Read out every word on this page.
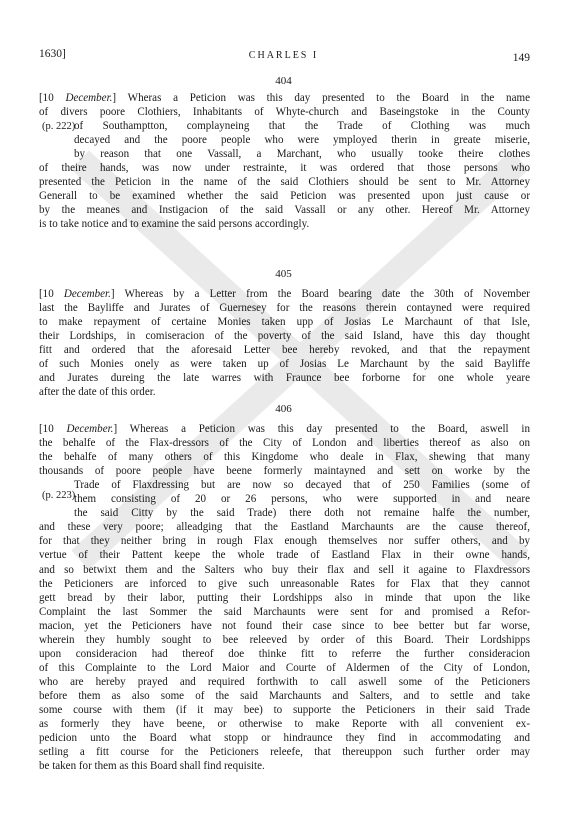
1630]	CHARLES I	149
404
(p. 222)
[10 December.] Wheras a Peticion was this day presented to the Board in the name
of divers poore Clothiers, Inhabitants of Whyte-church and Baseingstoke in the County
of Southamptton, complayneing that the Trade of Clothing was much
decayed and the poore people who were ymployed therin in greate miserie,
by reason that one Vassall, a Marchant, who usually tooke theire clothes
of theire hands, was now under restrainte, it was ordered that those persons who
presented the Peticion in the name of the said Clothiers should be sent to Mr. Attorney
Generall to be examined whether the said Peticion was presented upon just cause or
by the meanes and Instigacion of the said Vassall or any other. Hereof Mr. Attorney
is to take notice and to examine the said persons accordingly.
405
[10 December.] Whereas by a Letter from the Board bearing date the 30th of November
last the Bayliffe and Jurates of Guernesey for the reasons therein contayned were required
to make repayment of certaine Monies taken upp of Josias Le Marchaunt of that Isle,
their Lordships, in comiseracion of the poverty of the said Island, have this day thought
fitt and ordered that the aforesaid Letter bee hereby revoked, and that the repayment
of such Monies onely as were taken up of Josias Le Marchaunt by the said Bayliffe
and Jurates dureing the late warres with Fraunce bee forborne for one whole yeare
after the date of this order.
406
(p. 223)
[10 December.] Whereas a Peticion was this day presented to the Board, aswell in
the behalfe of the Flax-dressors of the City of London and liberties thereof as also on
the behalfe of many others of this Kingdome who deale in Flax, shewing that many
thousands of poore people have beene formerly maintayned and sett on worke by the
Trade of Flaxdressing but are now so decayed that of 250 Families (some of
them consisting of 20 or 26 persons, who were supported in and neare
the said Citty by the said Trade) there doth not remaine halfe the number,
and these very poore; alleadging that the Eastland Marchaunts are the cause thereof,
for that they neither bring in rough Flax enough themselves nor suffer others, and by
vertue of their Pattent keepe the whole trade of Eastland Flax in their owne hands,
and so betwixt them and the Salters who buy their flax and sell it againe to Flaxdressors
the Peticioners are inforced to give such unreasonable Rates for Flax that they cannot
gett bread by their labor, putting their Lordshipps also in minde that upon the like
Complaint the last Sommer the said Marchaunts were sent for and promised a Refor-
macion, yet the Peticioners have not found their case since to bee better but far worse,
wherein they humbly sought to bee releeved by order of this Board. Their Lordshipps
upon consideracion had thereof doe thinke fitt to referre the further consideracion
of this Complainte to the Lord Maior and Courte of Aldermen of the City of London,
who are hereby prayed and required forthwith to call aswell some of the Peticioners
before them as also some of the said Marchaunts and Salters, and to settle and take
some course with them (if it may bee) to supporte the Peticioners in their said Trade
as formerly they have beene, or otherwise to make Reporte with all convenient ex-
pedicion unto the Board what stopp or hindraunce they find in accommodating and
setling a fitt course for the Peticioners releefe, that thereuppon such further order may
be taken for them as this Board shall find requisite.
